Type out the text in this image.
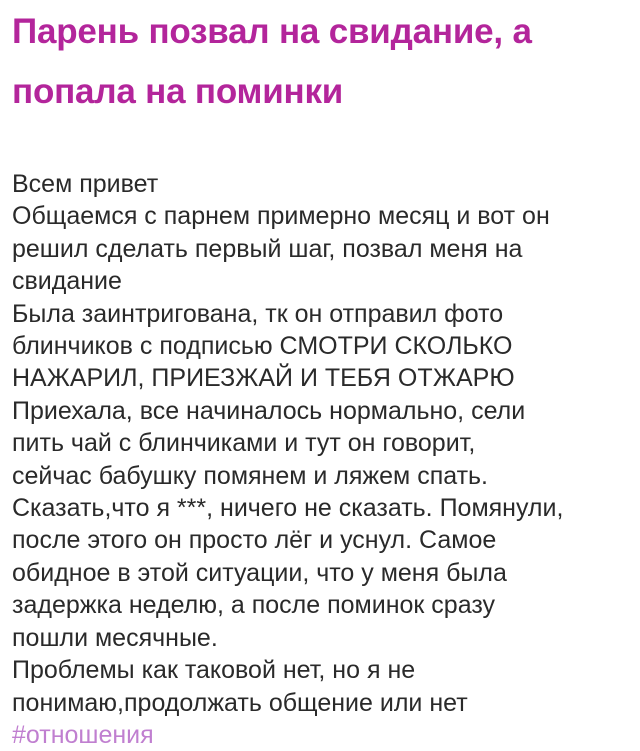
Парень позвал на свидание, а попала на поминки
Всем привет
Общаемся с парнем примерно месяц и вот он
решил сделать первый шаг, позвал меня на
свидание
Была заинтригована, тк он отправил фото
блинчиков с подписью СМОТРИ СКОЛЬКО
НАЖАРИЛ, ПРИЕЗЖАЙ И ТЕБЯ ОТЖАРЮ
Приехала, все начиналось нормально, сели
пить чай с блинчиками и тут он говорит,
сейчас бабушку помянем и ляжем спать.
Сказать,что я ***, ничего не сказать. Помянули,
после этого он просто лёг и уснул. Самое
обидное в этой ситуации, что у меня была
задержка неделю, а после поминок сразу
пошли месячные.
Проблемы как таковой нет, но я не
понимаю,продолжать общение или нет
#отношения
